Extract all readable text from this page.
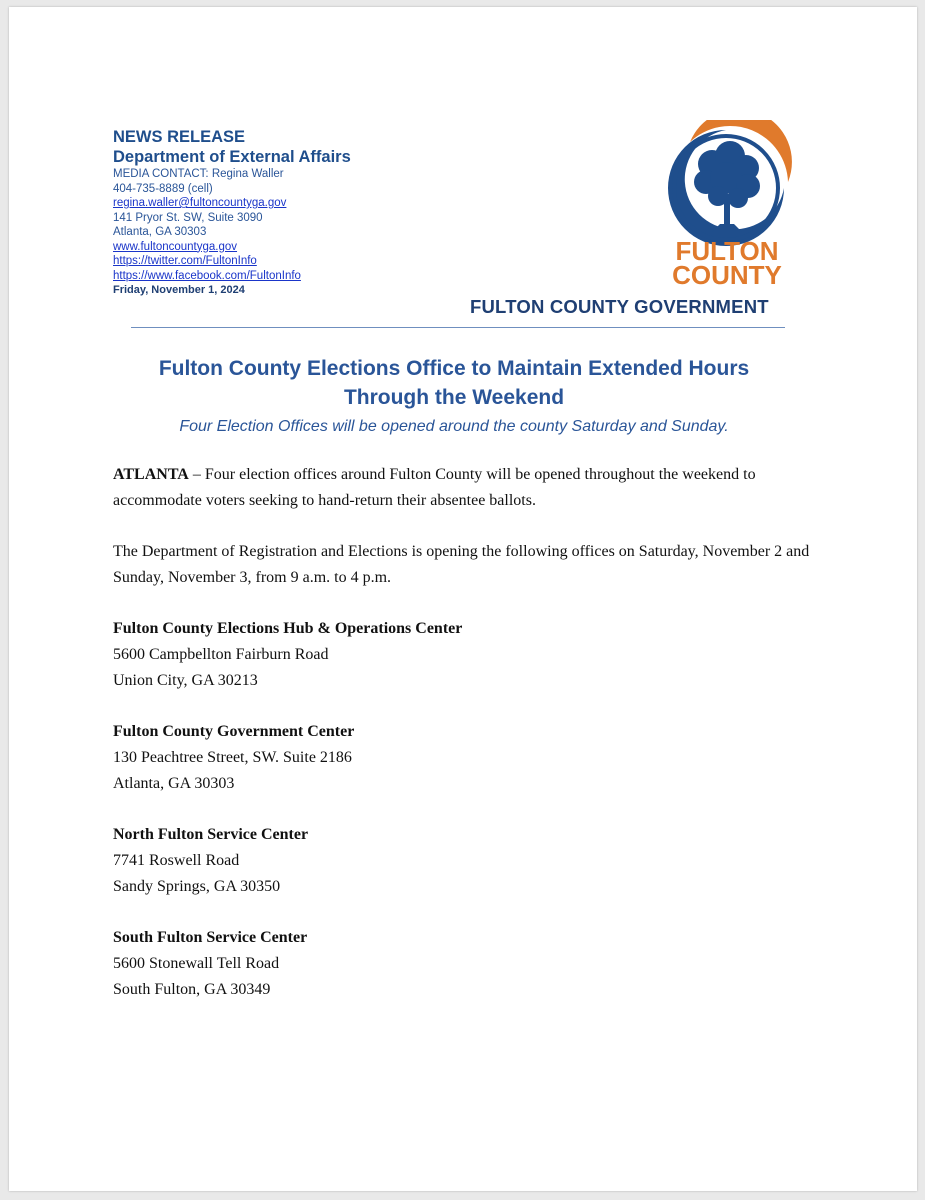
NEWS RELEASE
Department of External Affairs
MEDIA CONTACT: Regina Waller
404-735-8889 (cell)
regina.waller@fultoncountyga.gov
141 Pryor St. SW, Suite 3090
Atlanta, GA 30303
www.fultoncountyga.gov
https://twitter.com/FultonInfo
https://www.facebook.com/FultonInfo
Friday, November 1, 2024
FULTON
COUNTY
FULTON COUNTY GOVERNMENT
Fulton County Elections Office to Maintain Extended Hours
Through the Weekend
Four Election Offices will be opened around the county Saturday and Sunday.

ATLANTA – Four election offices around Fulton County will be opened throughout the weekend to accommodate voters seeking to hand-return their absentee ballots.

The Department of Registration and Elections is opening the following offices on Saturday, November 2 and Sunday, November 3, from 9 a.m. to 4 p.m.

Fulton County Elections Hub & Operations Center
5600 Campbellton Fairburn Road
Union City, GA 30213
Fulton County Government Center
130 Peachtree Street, SW. Suite 2186
Atlanta, GA 30303
North Fulton Service Center
7741 Roswell Road
Sandy Springs, GA 30350
South Fulton Service Center
5600 Stonewall Tell Road
South Fulton, GA 30349
